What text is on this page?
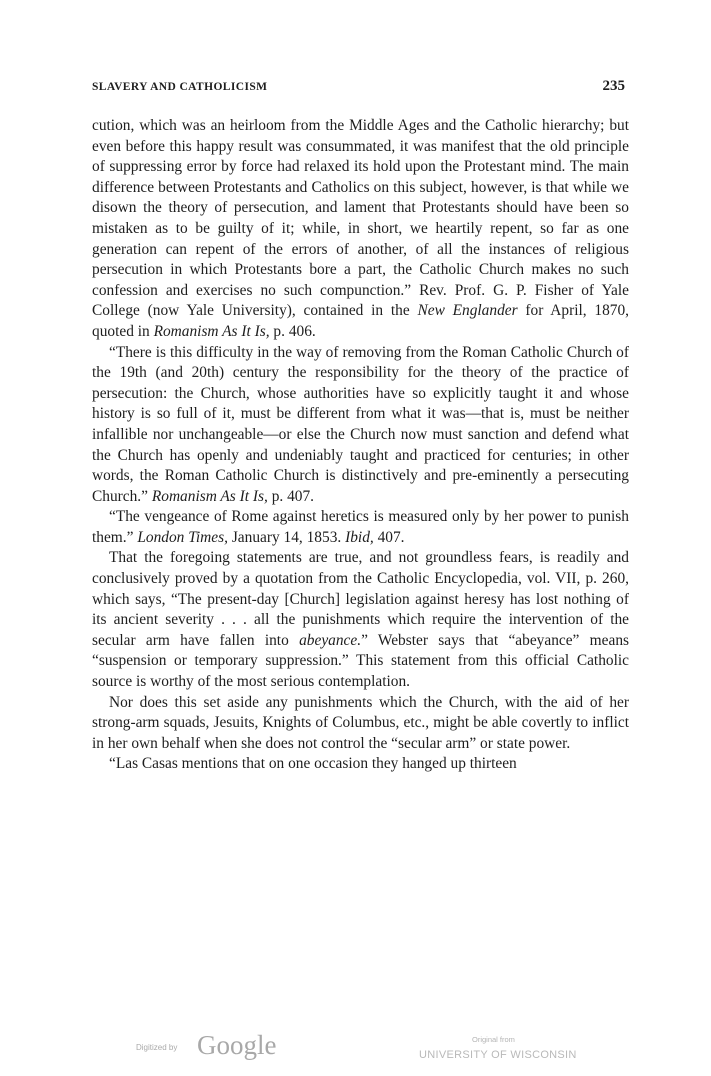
SLAVERY AND CATHOLICISM	235

cution, which was an heirloom from the Middle Ages and the Catholic hierarchy; but even before this happy result was consummated, it was manifest that the old principle of suppressing error by force had relaxed its hold upon the Protestant mind. The main difference between Protestants and Catholics on this subject, however, is that while we disown the theory of persecution, and lament that Protestants should have been so mistaken as to be guilty of it; while, in short, we heartily repent, so far as one generation can repent of the errors of another, of all the instances of religious persecution in which Protestants bore a part, the Catholic Church makes no such confession and exercises no such compunction.” Rev. Prof. G. P. Fisher of Yale College (now Yale University), contained in the New Englander for April, 1870, quoted in Romanism As It Is, p. 406.

“There is this difficulty in the way of removing from the Roman Catholic Church of the 19th (and 20th) century the responsibility for the theory of the practice of persecution: the Church, whose authorities have so explicitly taught it and whose history is so full of it, must be different from what it was—that is, must be neither infallible nor unchangeable—or else the Church now must sanction and defend what the Church has openly and undeniably taught and practiced for centuries; in other words, the Roman Catholic Church is distinctively and pre-eminently a persecuting Church.” Romanism As It Is, p. 407.

“The vengeance of Rome against heretics is measured only by her power to punish them.” London Times, January 14, 1853. Ibid, 407.

That the foregoing statements are true, and not groundless fears, is readily and conclusively proved by a quotation from the Catholic Encyclopedia, vol. VII, p. 260, which says, “The present-day [Church] legislation against heresy has lost nothing of its ancient severity . . . all the punishments which require the intervention of the secular arm have fallen into abeyance.” Webster says that “abeyance” means “suspension or temporary suppression.” This statement from this official Catholic source is worthy of the most serious contemplation.

Nor does this set aside any punishments which the Church, with the aid of her strong-arm squads, Jesuits, Knights of Columbus, etc., might be able covertly to inflict in her own behalf when she does not control the “secular arm” or state power.

“Las Casas mentions that on one occasion they hanged up thirteen

Digitized by Google	Original from
UNIVERSITY OF WISCONSIN
